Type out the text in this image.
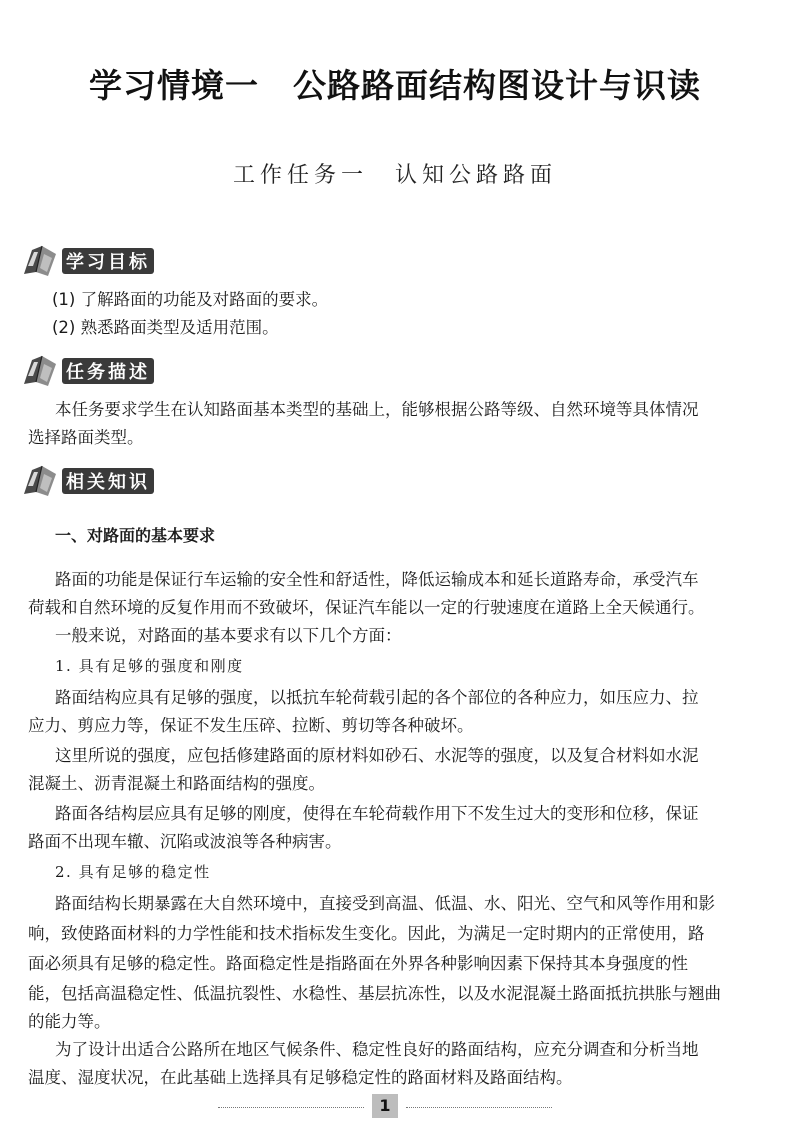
学习情境一　公路路面结构图设计与识读
工作任务一　认知公路路面
学习目标
(1) 了解路面的功能及对路面的要求。
(2) 熟悉路面类型及适用范围。
任务描述
本任务要求学生在认知路面基本类型的基础上，能够根据公路等级、自然环境等具体情况
选择路面类型。
相关知识
一、对路面的基本要求
路面的功能是保证行车运输的安全性和舒适性，降低运输成本和延长道路寿命，承受汽车
荷载和自然环境的反复作用而不致破坏，保证汽车能以一定的行驶速度在道路上全天候通行。
一般来说，对路面的基本要求有以下几个方面：
1. 具有足够的强度和刚度
路面结构应具有足够的强度，以抵抗车轮荷载引起的各个部位的各种应力，如压应力、拉
应力、剪应力等，保证不发生压碎、拉断、剪切等各种破坏。
这里所说的强度，应包括修建路面的原材料如砂石、水泥等的强度，以及复合材料如水泥
混凝土、沥青混凝土和路面结构的强度。
路面各结构层应具有足够的刚度，使得在车轮荷载作用下不发生过大的变形和位移，保证
路面不出现车辙、沉陷或波浪等各种病害。
2. 具有足够的稳定性
路面结构长期暴露在大自然环境中，直接受到高温、低温、水、阳光、空气和风等作用和影
响，致使路面材料的力学性能和技术指标发生变化。因此，为满足一定时期内的正常使用，路
面必须具有足够的稳定性。路面稳定性是指路面在外界各种影响因素下保持其本身强度的性
能，包括高温稳定性、低温抗裂性、水稳性、基层抗冻性，以及水泥混凝土路面抵抗拱胀与翘曲
的能力等。
为了设计出适合公路所在地区气候条件、稳定性良好的路面结构，应充分调查和分析当地
温度、湿度状况，在此基础上选择具有足够稳定性的路面材料及路面结构。
1
